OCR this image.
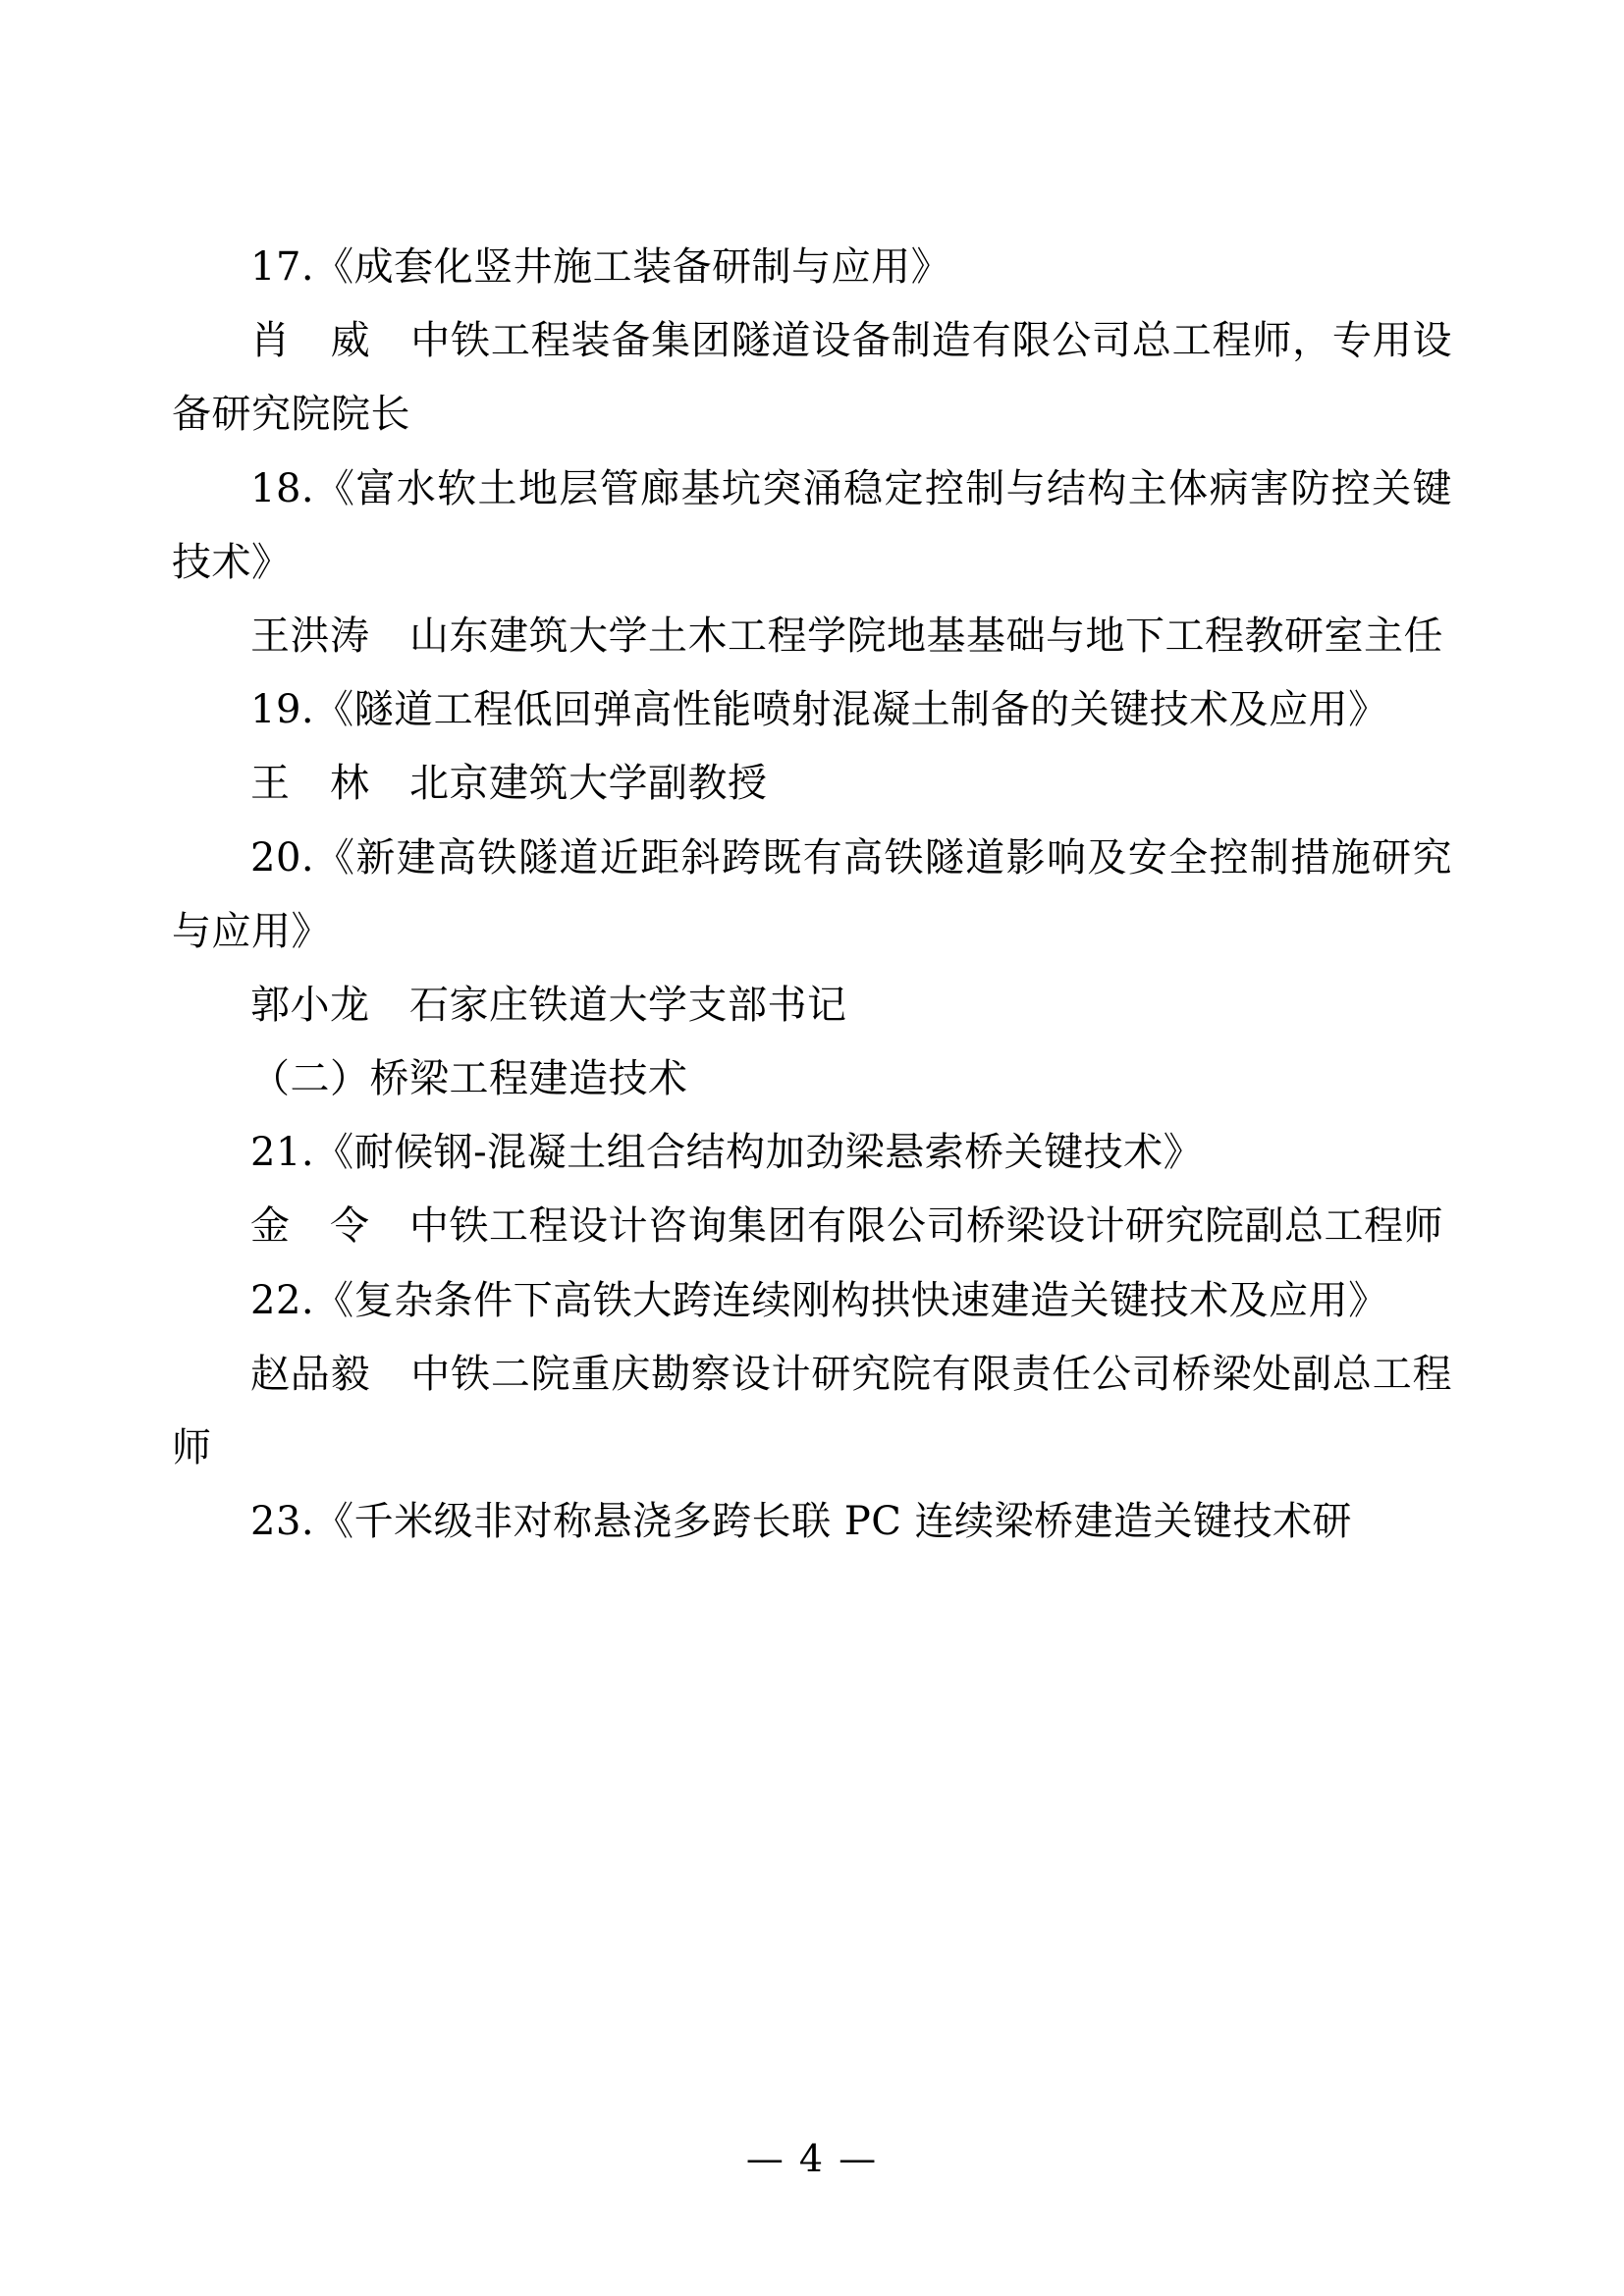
17.《成套化竖井施工装备研制与应用》

肖　威　中铁工程装备集团隧道设备制造有限公司总工程师，专用设备研究院院长

18.《富水软土地层管廊基坑突涌稳定控制与结构主体病害防控关键技术》

王洪涛　山东建筑大学土木工程学院地基基础与地下工程教研室主任

19.《隧道工程低回弹高性能喷射混凝土制备的关键技术及应用》

王　林　北京建筑大学副教授

20.《新建高铁隧道近距斜跨既有高铁隧道影响及安全控制措施研究与应用》

郭小龙　石家庄铁道大学支部书记

（二）桥梁工程建造技术

21.《耐候钢-混凝土组合结构加劲梁悬索桥关键技术》

金　令　中铁工程设计咨询集团有限公司桥梁设计研究院副总工程师

22.《复杂条件下高铁大跨连续刚构拱快速建造关键技术及应用》

赵品毅　中铁二院重庆勘察设计研究院有限责任公司桥梁处副总工程师

23.《千米级非对称悬浇多跨长联 PC 连续梁桥建造关键技术研

— 4 —
